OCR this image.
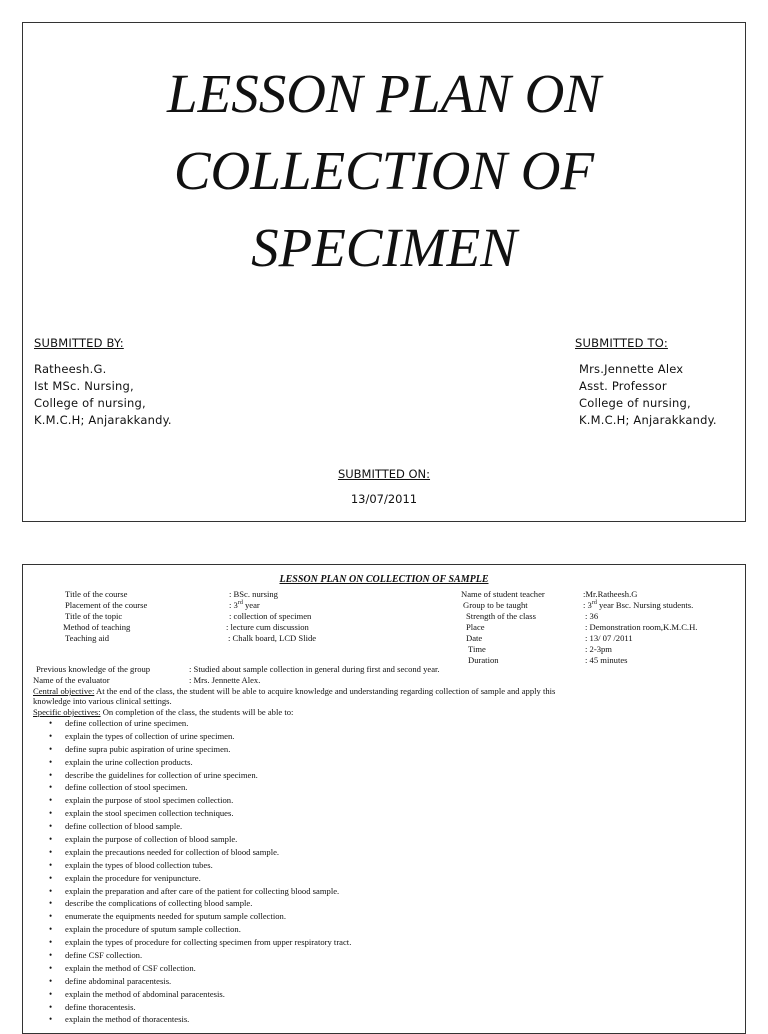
LESSON PLAN ON
COLLECTION OF
SPECIMEN
SUBMITTED BY:
Ratheesh.G.
Ist MSc. Nursing,
College of nursing,
K.M.C.H; Anjarakkandy.
SUBMITTED TO:
Mrs.Jennette Alex
Asst. Professor
College of nursing,
K.M.C.H; Anjarakkandy.
SUBMITTED ON:
13/07/2011
LESSON PLAN ON COLLECTION OF SAMPLE
Title of the course	: BSc. nursing
Placement of the course	: 3rd year
Title of the topic	: collection of specimen
Method of teaching	: lecture cum discussion
Teaching aid	: Chalk board, LCD Slide
Name of student teacher	:Mr.Ratheesh.G
Group to be taught	: 3rd year Bsc. Nursing students.
Strength of the class	: 36
Place	: Demonstration room,K.M.C.H.
Date	: 13/ 07 /2011
Time	: 2-3pm
Duration	: 45 minutes
Previous knowledge of the group	: Studied about sample collection in general during first and second year.
Name of the evaluator	: Mrs. Jennette Alex.
Central objective: At the end of the class, the student will be able to acquire knowledge and understanding regarding collection of sample and apply this
knowledge into various clinical settings.
Specific objectives: On completion of the class, the students will be able to:
• define collection of urine specimen.
• explain the types of collection of urine specimen.
• define supra pubic aspiration of urine specimen.
• explain the urine collection products.
• describe the guidelines for collection of urine specimen.
• define collection of stool specimen.
• explain the purpose of stool specimen collection.
• explain the stool specimen collection techniques.
• define collection of blood sample.
• explain the purpose of collection of blood sample.
• explain the precautions needed for collection of blood sample.
• explain the types of blood collection tubes.
• explain the procedure for venipuncture.
• explain the preparation and after care of the patient for collecting blood sample.
• describe the complications of collecting blood sample.
• enumerate the equipments needed for sputum sample collection.
• explain the procedure of sputum sample collection.
• explain the types of procedure for collecting specimen from upper respiratory tract.
• define CSF collection.
• explain the method of CSF collection.
• define abdominal paracentesis.
• explain the method of abdominal paracentesis.
• define thoracentesis.
• explain the method of thoracentesis.
